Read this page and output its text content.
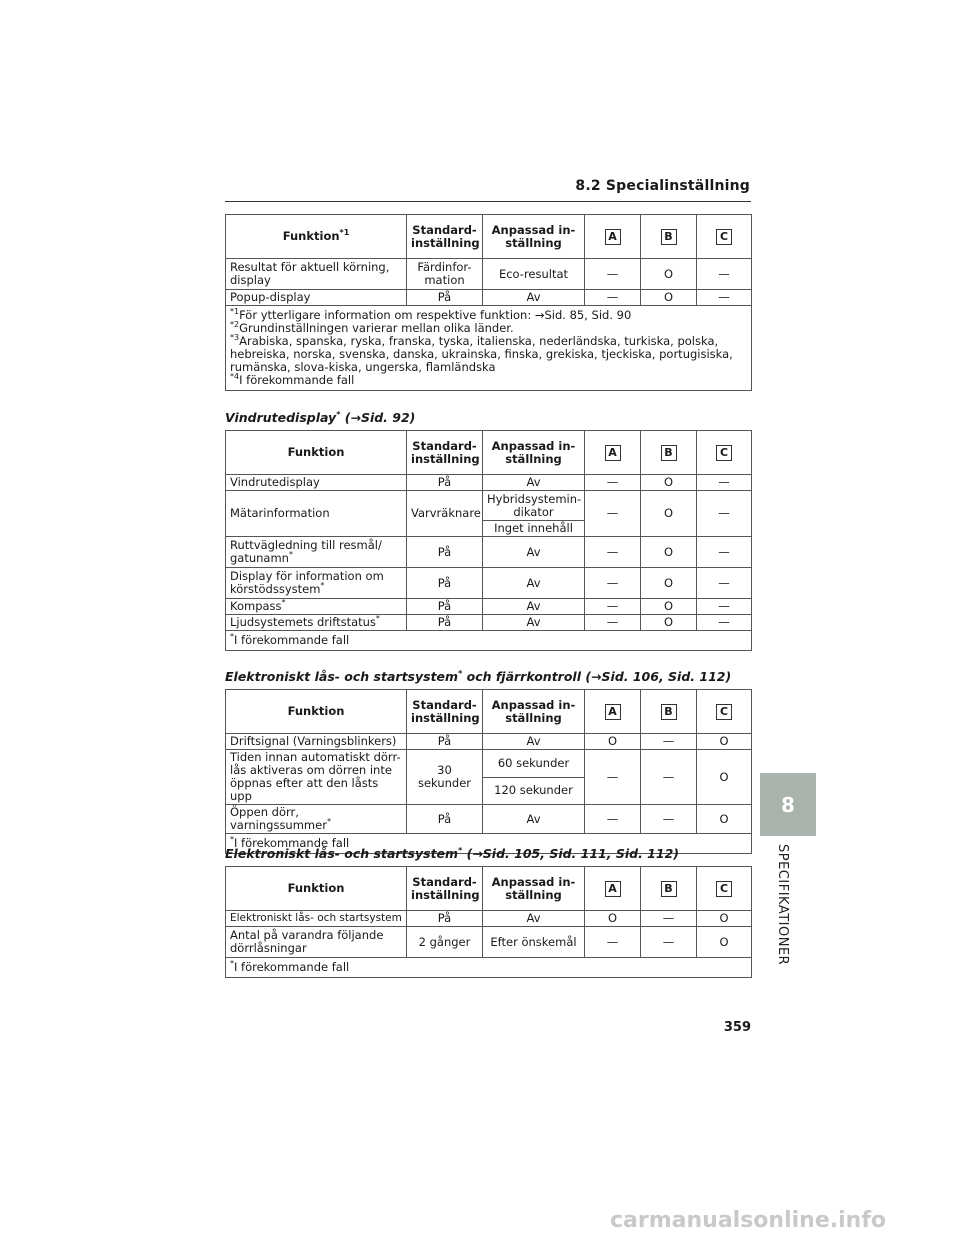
8.2 Specialinställning
Funktion$^{*1}$	Standard-inställning	Anpassad in-ställning	A	B	C
Resultat för aktuell körning, display	Färdinfor-mation	Eco-resultat	—	O	—
Popup-display	På	Av	—	O	—

$^{*1}$För ytterligare information om respektive funktion: →Sid. 85, Sid. 90
$^{*2}$Grundinställningen varierar mellan olika länder.
$^{*3}$Arabiska, spanska, ryska, franska, tyska, italienska, nederländska, turkiska, polska, hebreiska, norska, svenska, danska, ukrainska, finska, grekiska, tjeckiska, portugisiska, rumänska, slova-kiska, ungerska, flamländska
$^{*4}$I förekommande fall					
Vindrutedisplay* (→Sid. 92)
Funktion	Standard-inställning	Anpassad in-ställning	A	B	C
Vindrutedisplay	På	Av	—	O	—
Mätarinformation	Varvräknare	Hybridsystemin-dikator	—	O	—
		Inget innehåll			
Ruttvägledning till resmål/ gatunamn*	På	Av	—	O	—
Display för information om körstödssystem*	På	Av	—	O	—
Kompass*	På	Av	—	O	—
Ljudsystemets driftstatus*	På	Av	—	O	—
*I förekommande fall					
Elektroniskt lås- och startsystem* och fjärrkontroll (→Sid. 106, Sid. 112)
Funktion	Standard-inställning	Anpassad in-ställning	A	B	C
Driftsignal (Varningsblinkers)	På	Av	O	—	O
Tiden innan automatiskt dörr-lås aktiveras om dörren inte öppnas efter att den låsts upp	30 sekunder	60 sekunder	—	—	O
		120 sekunder			
Öppen dörr, varningssummer*	På	Av	—	—	O
*I förekommande fall					
Elektroniskt lås- och startsystem* (→Sid. 105, Sid. 111, Sid. 112)
Funktion	Standard-inställning	Anpassad in-ställning	A	B	C
Elektroniskt lås- och startsystem	På	Av	O	—	O
Antal på varandra följande dörrlåsningar	2 gånger	Efter önskemål	—	—	O
*I förekommande fall					
8
SPECIFIKATIONER
359
carmanualsonline.info
